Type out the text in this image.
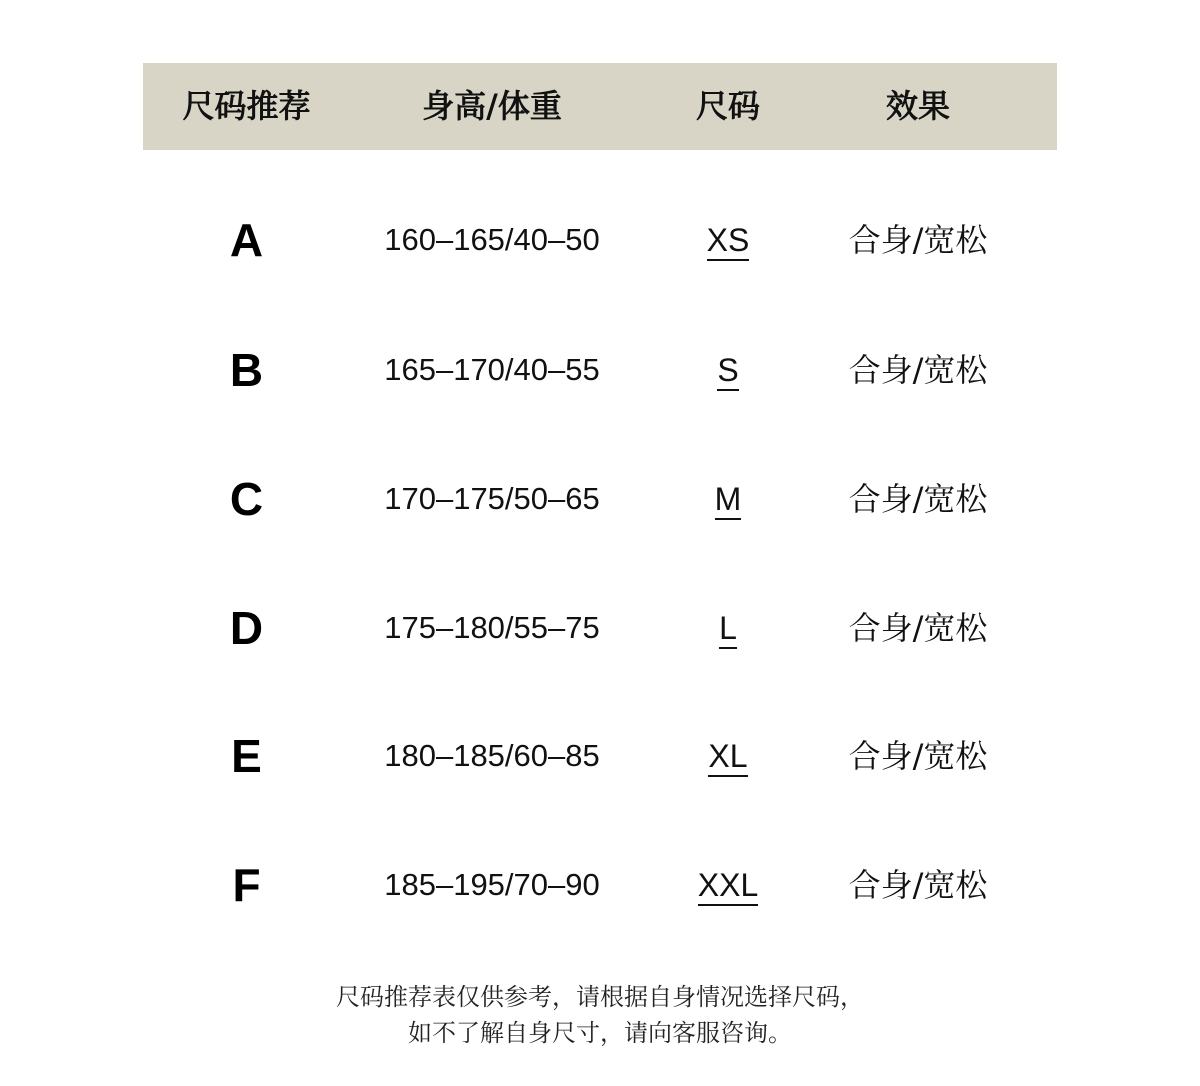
尺码推荐	身高/体重	尺码	效果
A	160–165/40–50	XS	合身/宽松
B	165–170/40–55	S	合身/宽松
C	170–175/50–65	M	合身/宽松
D	175–180/55–75	L	合身/宽松
E	180–185/60–85	XL	合身/宽松
F	185–195/70–90	XXL	合身/宽松
尺码推荐表仅供参考，请根据自身情况选择尺码，
如不了解自身尺寸，请向客服咨询。
